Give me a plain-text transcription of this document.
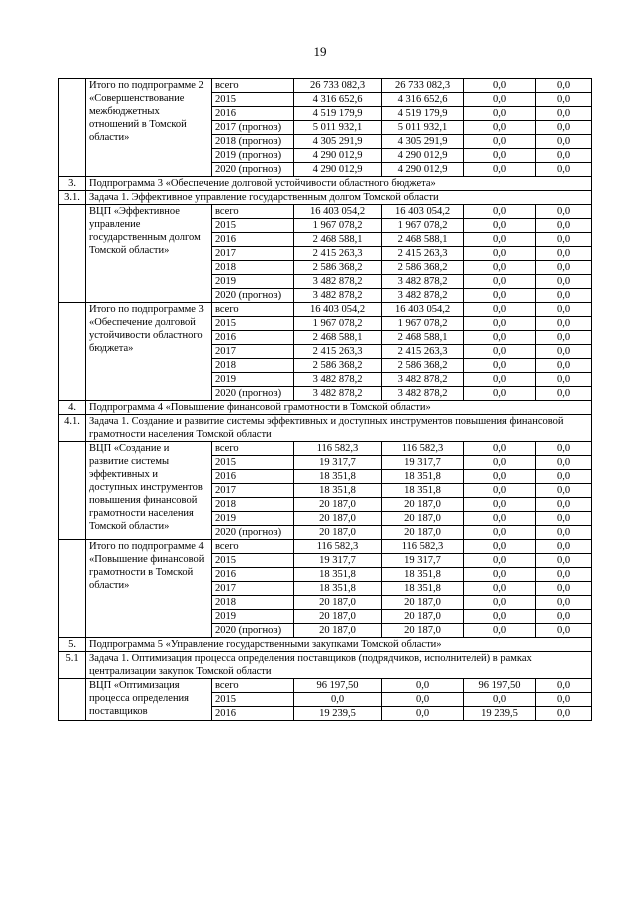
19
	Итого по подпрограмме 2 «Совершенствование межбюджетных отношений в Томской области»	всего	26 733 082,3	26 733 082,3	0,0	0,0
		2015	4 316 652,6	4 316 652,6	0,0	0,0
		2016	4 519 179,9	4 519 179,9	0,0	0,0
		2017 (прогноз)	5 011 932,1	5 011 932,1	0,0	0,0
		2018 (прогноз)	4 305 291,9	4 305 291,9	0,0	0,0
		2019 (прогноз)	4 290 012,9	4 290 012,9	0,0	0,0
		2020 (прогноз)	4 290 012,9	4 290 012,9	0,0	0,0
3.	Подпрограмма 3 «Обеспечение долговой устойчивости областного бюджета»					
3.1.	Задача 1. Эффективное управление государственным долгом Томской области					
	ВЦП «Эффективное управление государственным долгом Томской области»	всего	16 403 054,2	16 403 054,2	0,0	0,0
		2015	1 967 078,2	1 967 078,2	0,0	0,0
		2016	2 468 588,1	2 468 588,1	0,0	0,0
		2017	2 415 263,3	2 415 263,3	0,0	0,0
		2018	2 586 368,2	2 586 368,2	0,0	0,0
		2019	3 482 878,2	3 482 878,2	0,0	0,0
		2020 (прогноз)	3 482 878,2	3 482 878,2	0,0	0,0
	Итого по подпрограмме 3 «Обеспечение долговой устойчивости областного бюджета»	всего	16 403 054,2	16 403 054,2	0,0	0,0
		2015	1 967 078,2	1 967 078,2	0,0	0,0
		2016	2 468 588,1	2 468 588,1	0,0	0,0
		2017	2 415 263,3	2 415 263,3	0,0	0,0
		2018	2 586 368,2	2 586 368,2	0,0	0,0
		2019	3 482 878,2	3 482 878,2	0,0	0,0
		2020 (прогноз)	3 482 878,2	3 482 878,2	0,0	0,0
4.	Подпрограмма 4 «Повышение финансовой грамотности в Томской области»					
4.1.	Задача 1. Создание и развитие системы эффективных и доступных инструментов повышения финансовой грамотности населения Томской области					
	ВЦП «Создание и развитие системы эффективных и доступных инструментов повышения финансовой грамотности населения Томской области»	всего	116 582,3	116 582,3	0,0	0,0
		2015	19 317,7	19 317,7	0,0	0,0
		2016	18 351,8	18 351,8	0,0	0,0
		2017	18 351,8	18 351,8	0,0	0,0
		2018	20 187,0	20 187,0	0,0	0,0
		2019	20 187,0	20 187,0	0,0	0,0
		2020 (прогноз)	20 187,0	20 187,0	0,0	0,0
	Итого по подпрограмме 4 «Повышение финансовой грамотности в Томской области»	всего	116 582,3	116 582,3	0,0	0,0
		2015	19 317,7	19 317,7	0,0	0,0
		2016	18 351,8	18 351,8	0,0	0,0
		2017	18 351,8	18 351,8	0,0	0,0
		2018	20 187,0	20 187,0	0,0	0,0
		2019	20 187,0	20 187,0	0,0	0,0
		2020 (прогноз)	20 187,0	20 187,0	0,0	0,0
5.	Подпрограмма 5 «Управление государственными закупками Томской области»					
5.1	Задача 1. Оптимизация процесса определения поставщиков (подрядчиков, исполнителей) в рамках централизации закупок Томской области					
	ВЦП «Оптимизация процесса определения поставщиков	всего	96 197,50	0,0	96 197,50	0,0
		2015	0,0	0,0	0,0	0,0
		2016	19 239,5	0,0	19 239,5	0,0
